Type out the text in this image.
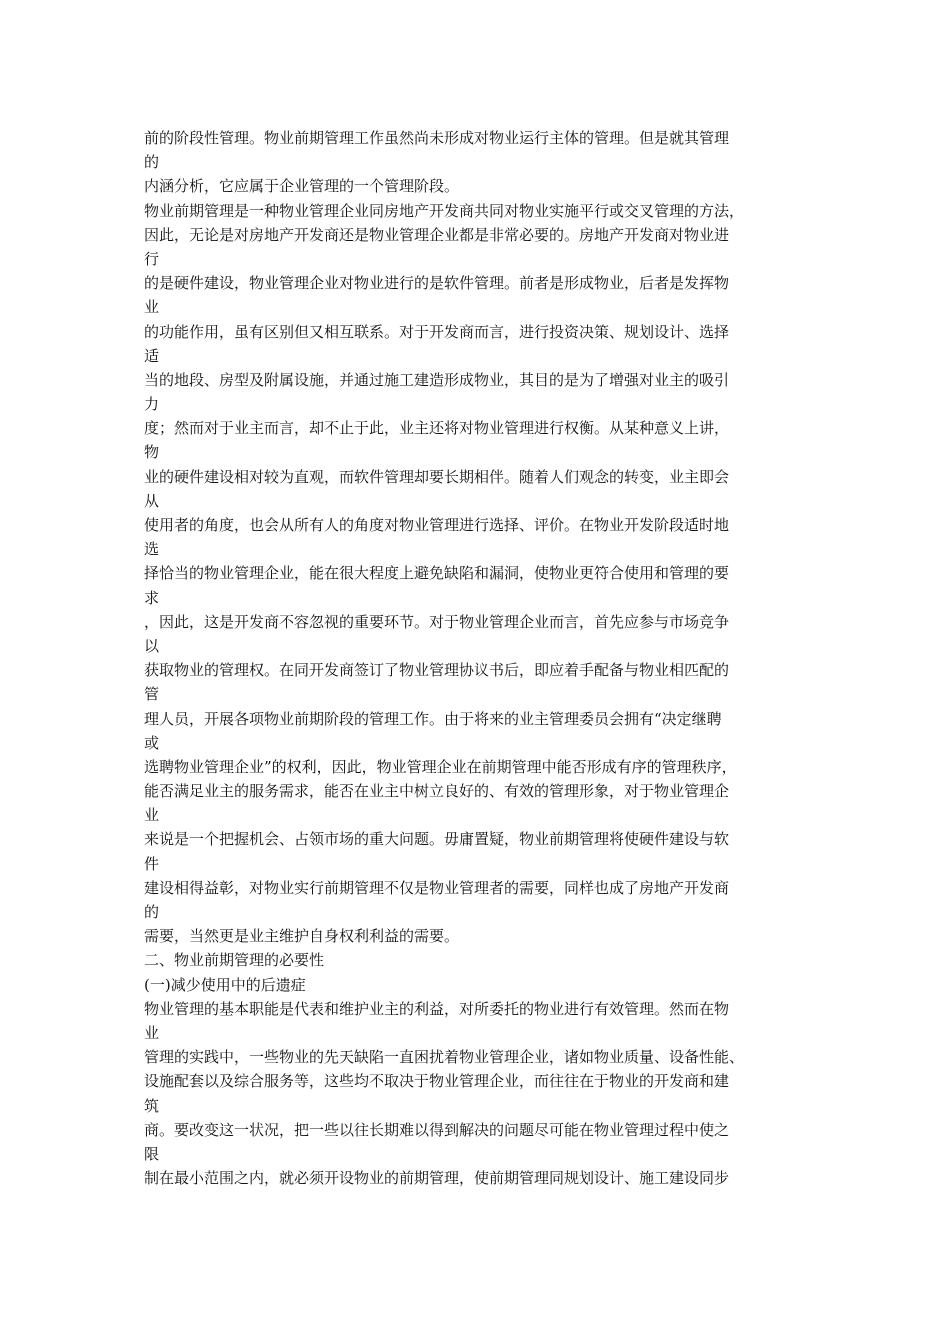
前的阶段性管理。物业前期管理工作虽然尚未形成对物业运行主体的管理。但是就其管理
的
内涵分析，它应属于企业管理的一个管理阶段。
物业前期管理是一种物业管理企业同房地产开发商共同对物业实施平行或交叉管理的方法，
因此，无论是对房地产开发商还是物业管理企业都是非常必要的。房地产开发商对物业进
行
的是硬件建设，物业管理企业对物业进行的是软件管理。前者是形成物业，后者是发挥物
业
的功能作用，虽有区别但又相互联系。对于开发商而言，进行投资决策、规划设计、选择
适
当的地段、房型及附属设施，并通过施工建造形成物业，其目的是为了增强对业主的吸引
力
度；然而对于业主而言，却不止于此，业主还将对物业管理进行权衡。从某种意义上讲，
物
业的硬件建设相对较为直观，而软件管理却要长期相伴。随着人们观念的转变，业主即会
从
使用者的角度，也会从所有人的角度对物业管理进行选择、评价。在物业开发阶段适时地
选
择恰当的物业管理企业，能在很大程度上避免缺陷和漏洞，使物业更符合使用和管理的要
求
，因此，这是开发商不容忽视的重要环节。对于物业管理企业而言，首先应参与市场竞争
以
获取物业的管理权。在同开发商签订了物业管理协议书后，即应着手配备与物业相匹配的
管
理人员，开展各项物业前期阶段的管理工作。由于将来的业主管理委员会拥有“决定继聘
或
选聘物业管理企业”的权利，因此，物业管理企业在前期管理中能否形成有序的管理秩序，
能否满足业主的服务需求，能否在业主中树立良好的、有效的管理形象，对于物业管理企
业
来说是一个把握机会、占领市场的重大问题。毋庸置疑，物业前期管理将使硬件建设与软
件
建设相得益彰，对物业实行前期管理不仅是物业管理者的需要，同样也成了房地产开发商
的
需要，当然更是业主维护自身权利利益的需要。
二、物业前期管理的必要性
(一)减少使用中的后遗症
物业管理的基本职能是代表和维护业主的利益，对所委托的物业进行有效管理。然而在物
业
管理的实践中，一些物业的先天缺陷一直困扰着物业管理企业，诸如物业质量、设备性能、
设施配套以及综合服务等，这些均不取决于物业管理企业，而往往在于物业的开发商和建
筑
商。要改变这一状况，把一些以往长期难以得到解决的问题尽可能在物业管理过程中使之
限
制在最小范围之内，就必须开设物业的前期管理，使前期管理同规划设计、施工建设同步
